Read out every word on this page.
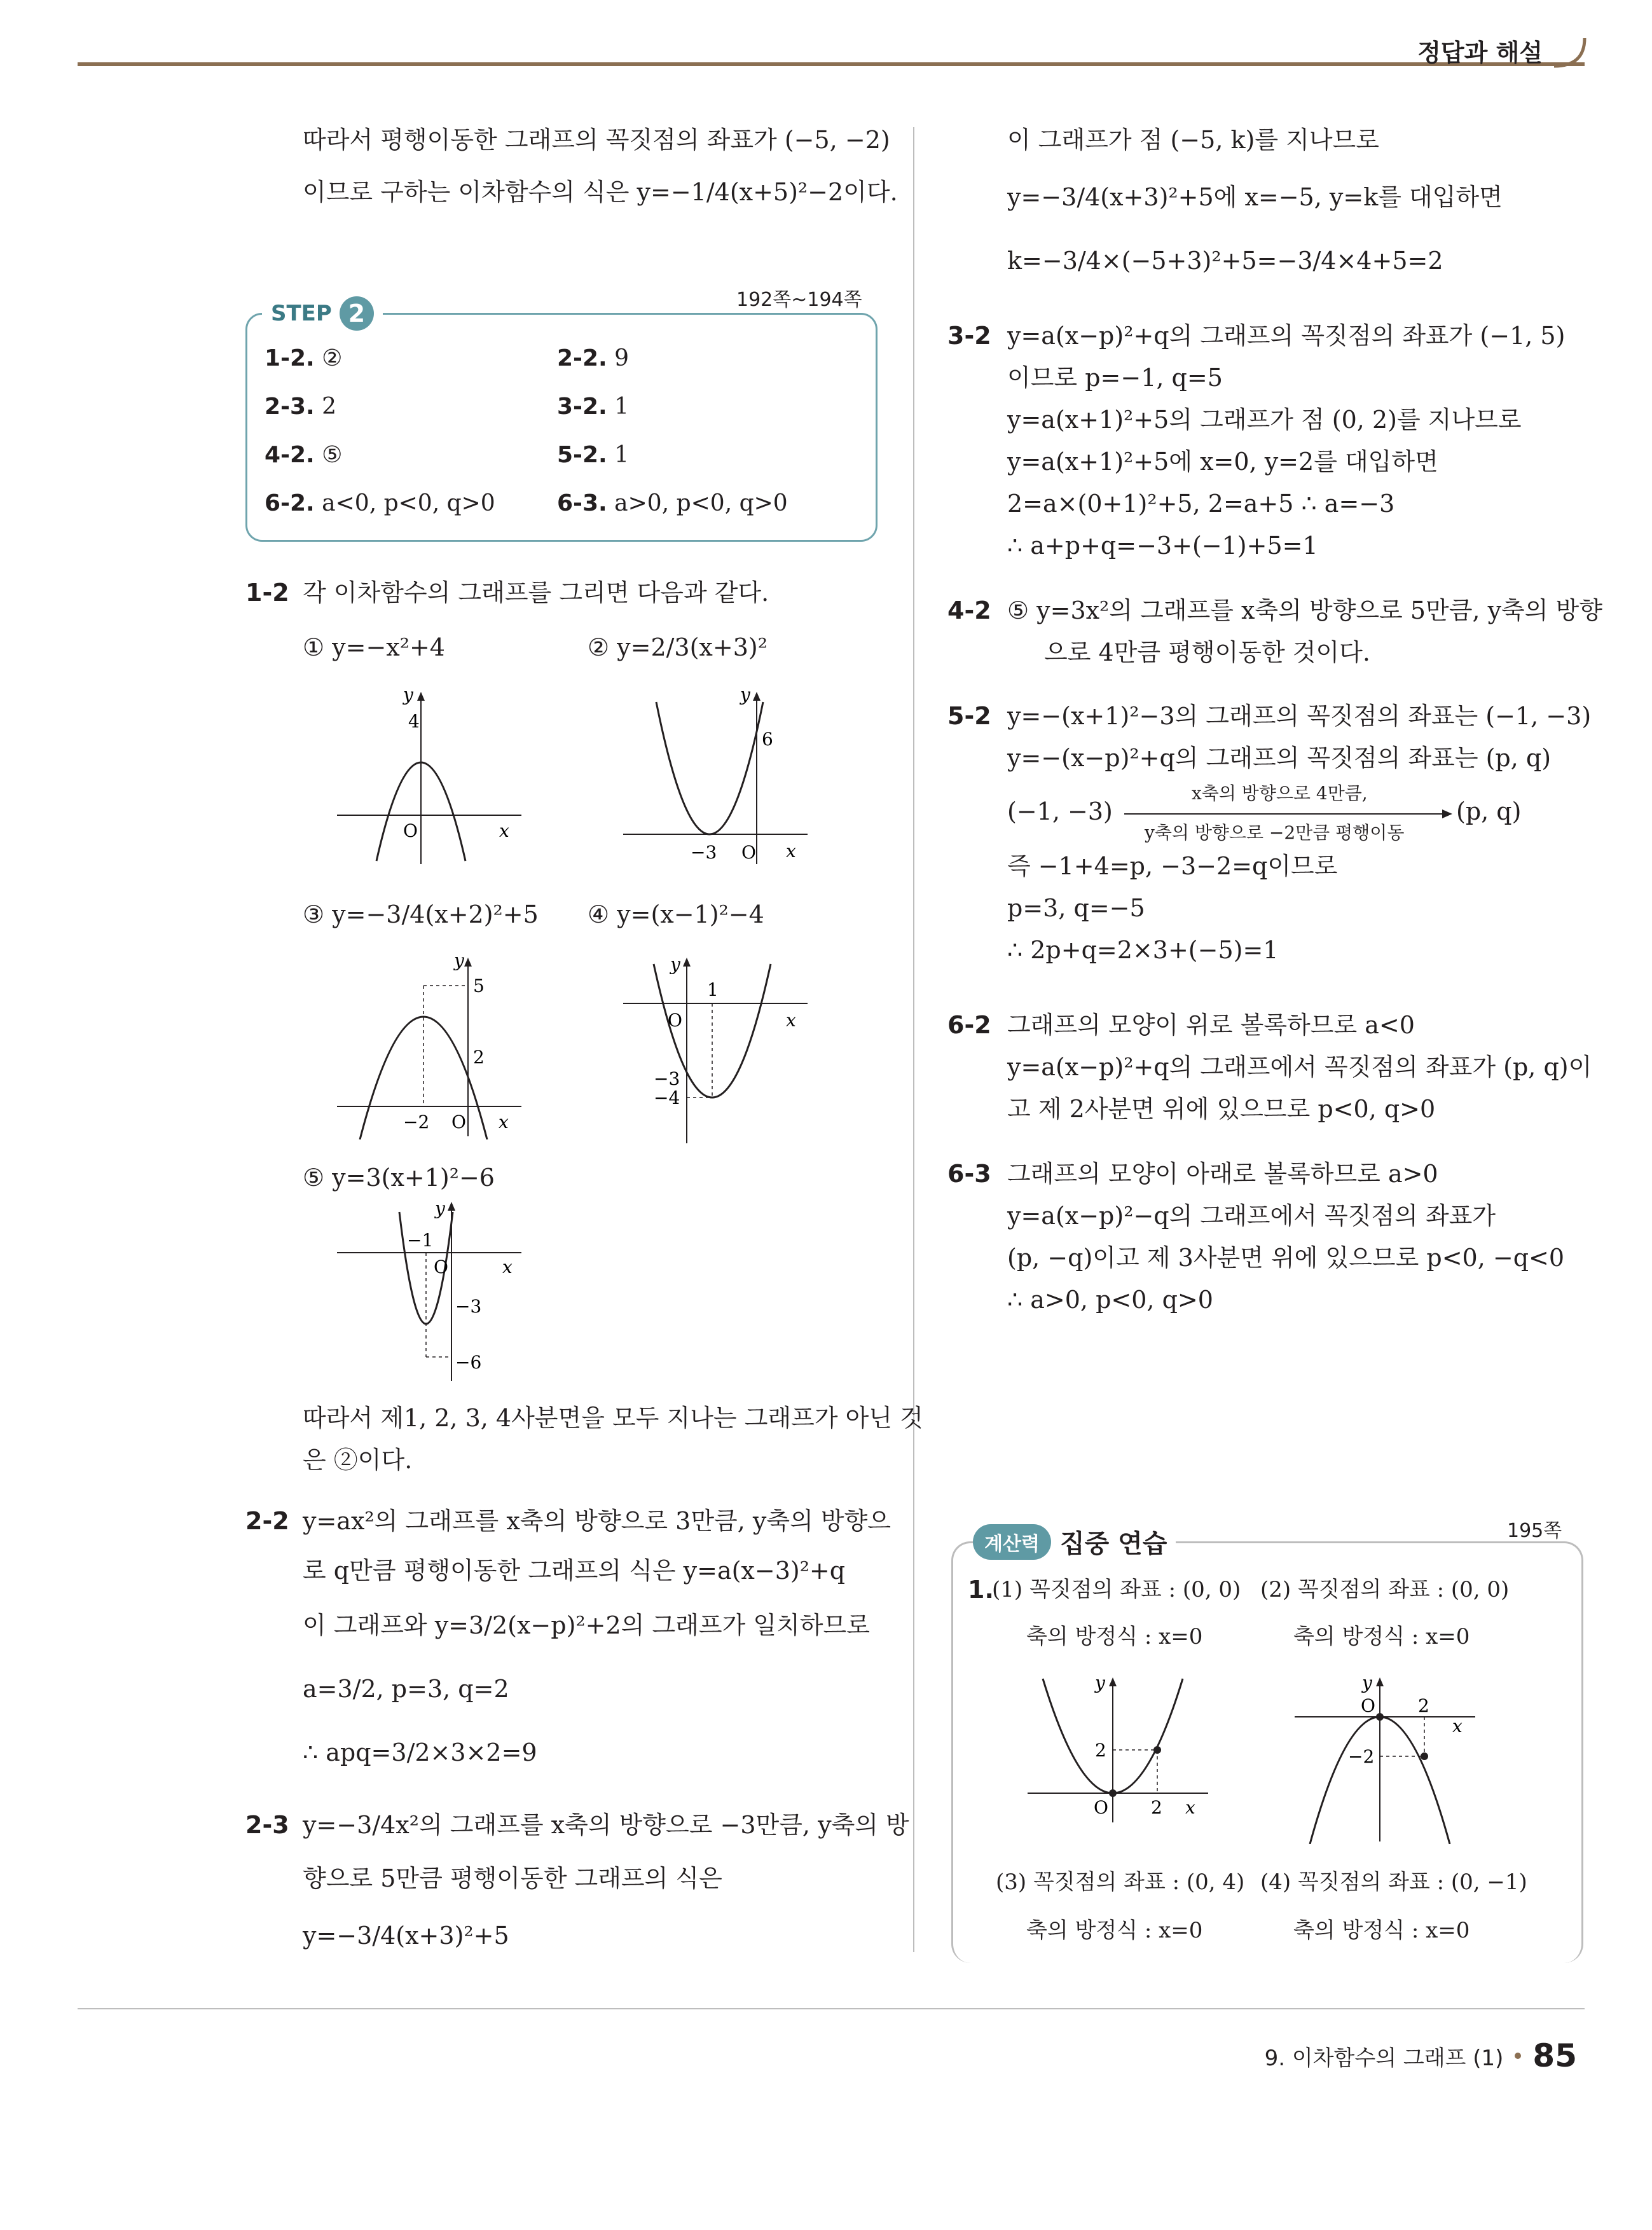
정답과 해설
따라서 평행이동한 그래프의 꼭짓점의 좌표가 (−5, −2)
이므로 구하는 이차함수의 식은 y=−1/4(x+5)²−2이다.
STEP 2	192쪽~194쪽
1-2. ②	2-2. 9
2-3. 2	3-2. 1
4-2. ⑤	5-2. 1
6-2. a<0, p<0, q>0	6-3. a>0, p<0, q>0
1-2 각 이차함수의 그래프를 그리면 다음과 같다.
① y=−x²+4	② y=2/3(x+3)²
y
4
O	x
y
6
−3 O x
③ y=−3/4(x+2)²+5 ④ y=(x−1)²−4
y
5
2
−2 O x
y
1
O	x
−3
−4
⑤ y=3(x+1)²−6
y
−1
O	x
−3
−6
따라서 제1, 2, 3, 4사분면을 모두 지나는 그래프가 아닌 것
은 ②이다.
2-2 y=ax²의 그래프를 x축의 방향으로 3만큼, y축의 방향으
로 q만큼 평행이동한 그래프의 식은 y=a(x−3)²+q
이 그래프와 y=3/2(x−p)²+2의 그래프가 일치하므로
a=3/2, p=3, q=2
∴ apq=3/2×3×2=9
2-3 y=−3/4x²의 그래프를 x축의 방향으로 −3만큼, y축의 방
향으로 5만큼 평행이동한 그래프의 식은
y=−3/4(x+3)²+5
이 그래프가 점 (−5, k)를 지나므로
y=−3/4(x+3)²+5에 x=−5, y=k를 대입하면
k=−3/4×(−5+3)²+5=−3/4×4+5=2
3-2 y=a(x−p)²+q의 그래프의 꼭짓점의 좌표가 (−1, 5)
이므로 p=−1, q=5
y=a(x+1)²+5의 그래프가 점 (0, 2)를 지나므로
y=a(x+1)²+5에 x=0, y=2를 대입하면
2=a×(0+1)²+5, 2=a+5 ∴ a=−3
∴ a+p+q=−3+(−1)+5=1
4-2 ⑤ y=3x²의 그래프를 x축의 방향으로 5만큼, y축의 방향
으로 4만큼 평행이동한 것이다.
5-2 y=−(x+1)²−3의 그래프의 꼭짓점의 좌표는 (−1, −3)
y=−(x−p)²+q의 그래프의 꼭짓점의 좌표는 (p, q)
(−1, −3)
x축의 방향으로 4만큼,
y축의 방향으로 −2만큼 평행이동
(p, q)
즉 −1+4=p, −3−2=q이므로
p=3, q=−5
∴ 2p+q=2×3+(−5)=1
6-2 그래프의 모양이 위로 볼록하므로 a<0
y=a(x−p)²+q의 그래프에서 꼭짓점의 좌표가 (p, q)이
고 제 2사분면 위에 있으므로 p<0, q>0
6-3 그래프의 모양이 아래로 볼록하므로 a>0
y=a(x−p)²−q의 그래프에서 꼭짓점의 좌표가
(p, −q)이고 제 3사분면 위에 있으므로 p<0, −q<0
∴ a>0, p<0, q>0
계산력 집중 연습	195쪽
1.
(1) 꼭짓점의 좌표 : (0, 0) (2) 꼭짓점의 좌표 : (0, 0)
축의 방정식 : x=0	축의 방정식 : x=0
y
2
O 2 x
y
O 2
x
−2
(3) 꼭짓점의 좌표 : (0, 4) (4) 꼭짓점의 좌표 : (0, −1)
축의 방정식 : x=0	축의 방정식 : x=0
9. 이차함수의 그래프 (1) 85
